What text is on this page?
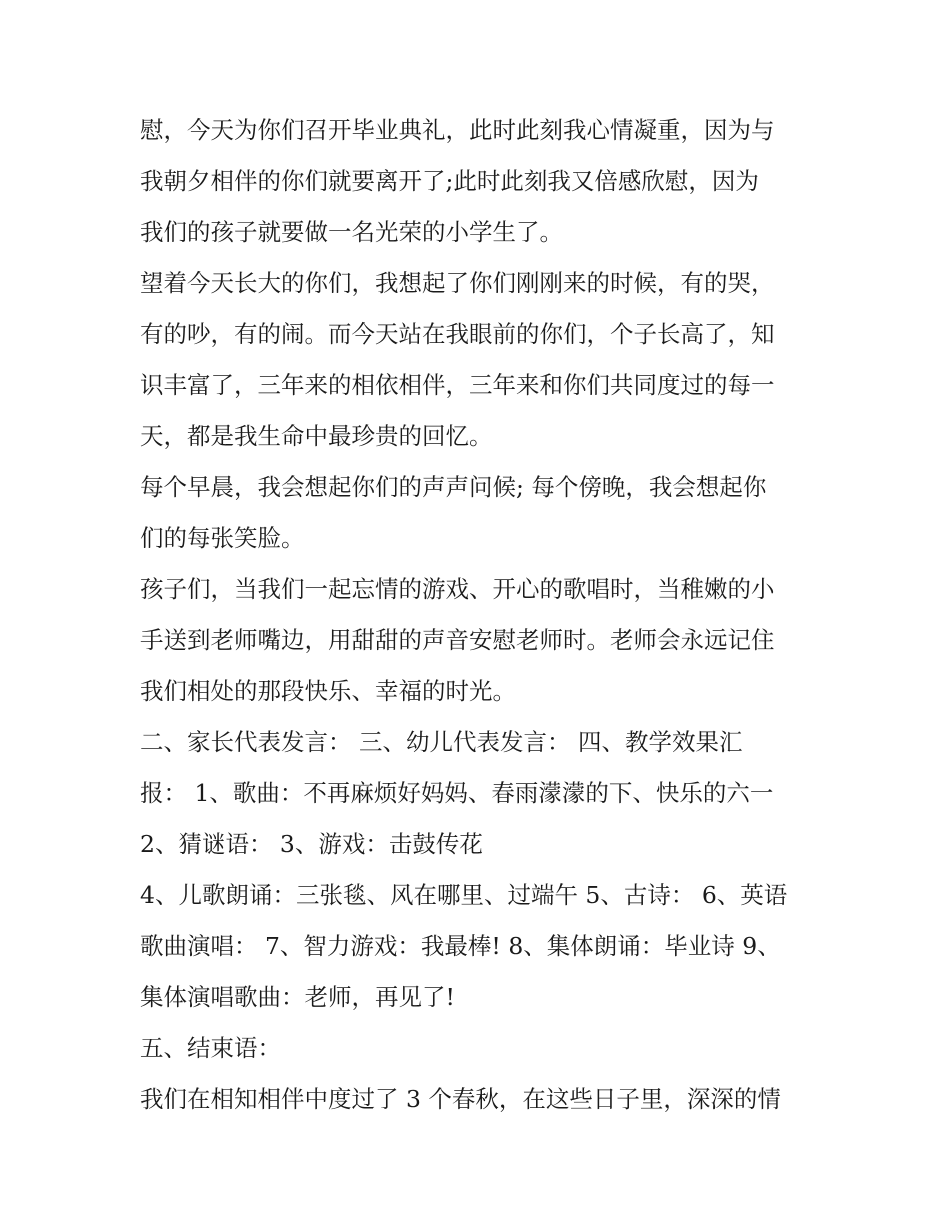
慰，今天为你们召开毕业典礼，此时此刻我心情凝重，因为与
我朝夕相伴的你们就要离开了;此时此刻我又倍感欣慰，因为
我们的孩子就要做一名光荣的小学生了。
望着今天长大的你们，我想起了你们刚刚来的时候，有的哭，
有的吵，有的闹。而今天站在我眼前的你们，个子长高了，知
识丰富了，三年来的相依相伴，三年来和你们共同度过的每一
天，都是我生命中最珍贵的回忆。
每个早晨，我会想起你们的声声问候; 每个傍晚，我会想起你
们的每张笑脸。
孩子们，当我们一起忘情的游戏、开心的歌唱时，当稚嫩的小
手送到老师嘴边，用甜甜的声音安慰老师时。老师会永远记住
我们相处的那段快乐、幸福的时光。
二、家长代表发言： 三、幼儿代表发言： 四、教学效果汇
报： 1、歌曲：不再麻烦好妈妈、春雨濛濛的下、快乐的六一
2、猜谜语： 3、游戏：击鼓传花
4、儿歌朗诵：三张毯、风在哪里、过端午 5、古诗： 6、英语
歌曲演唱： 7、智力游戏：我最棒! 8、集体朗诵：毕业诗 9、
集体演唱歌曲：老师，再见了!
五、结束语：
我们在相知相伴中度过了 3 个春秋，在这些日子里，深深的情
